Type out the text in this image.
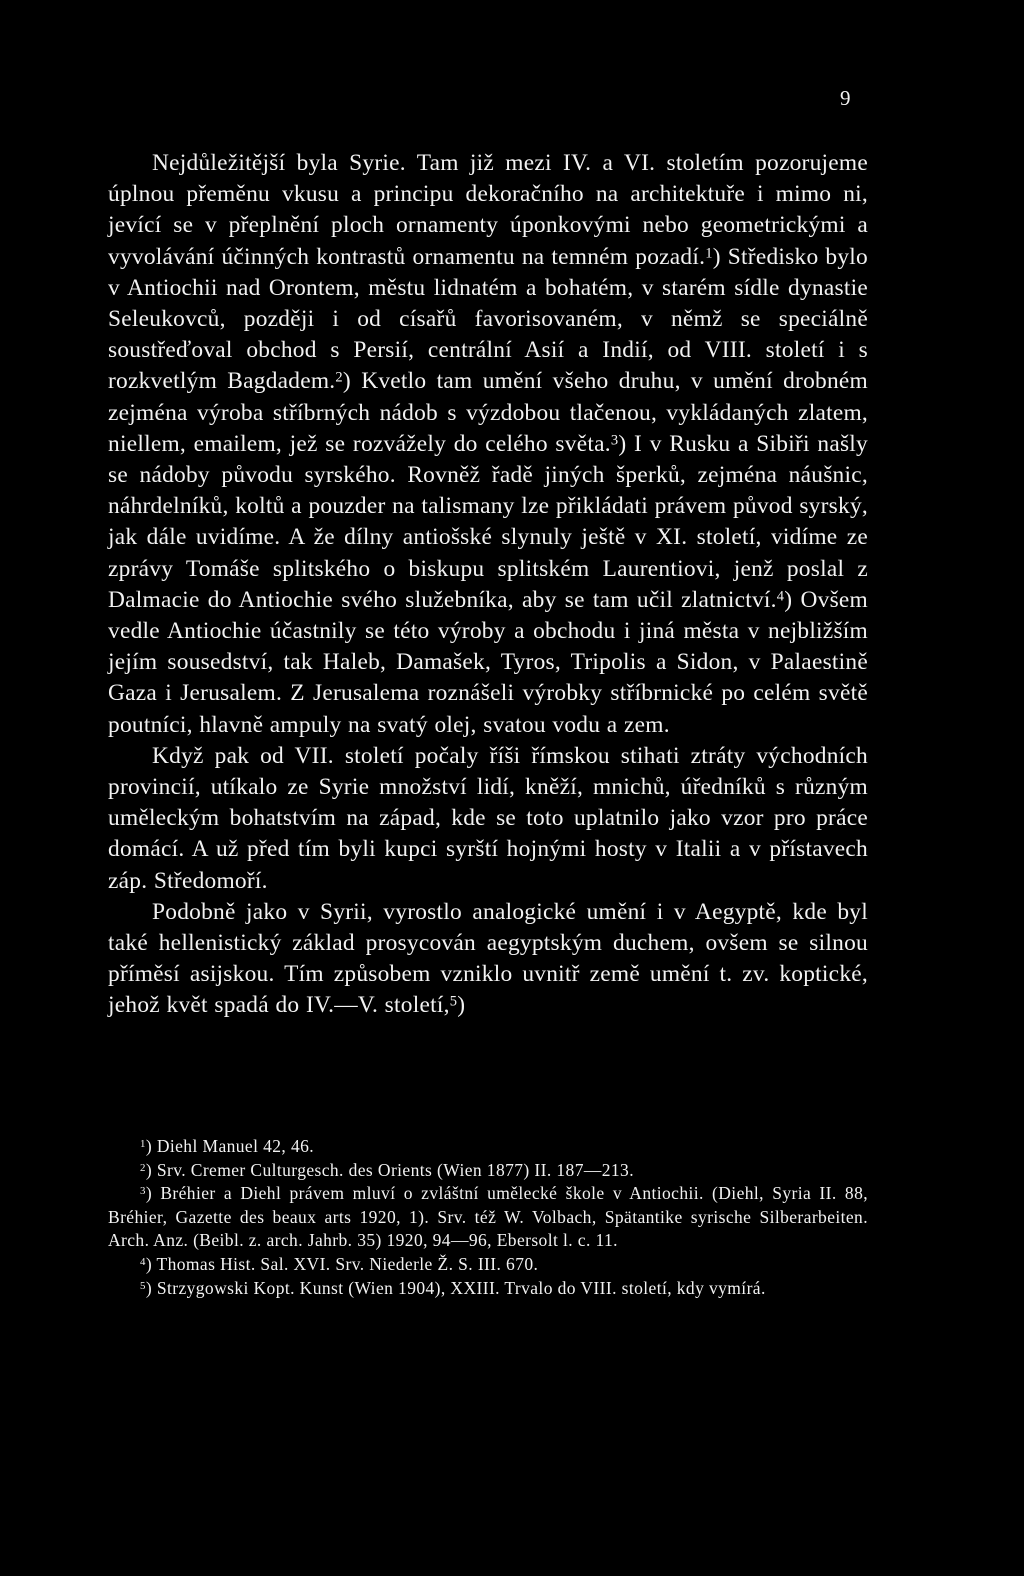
9

Nejdůležitější byla Syrie. Tam již mezi IV. a VI. stoletím pozorujeme úplnou přeměnu vkusu a principu dekoračního na architektuře i mimo ni, jevící se v přeplnění ploch ornamenty úponkovými nebo geometrickými a vyvolávání účinných kontrastů ornamentu na temném pozadí.$^1$) Středisko bylo v Antiochii nad Orontem, městu lidnatém a bohatém, v starém sídle dynastie Seleukovců, později i od císařů favorisovaném, v němž se speciálně soustřeďoval obchod s Persií, centrální Asií a Indií, od VIII. století i s rozkvetlým Bagdadem.$^2$) Kvetlo tam umění všeho druhu, v umění drobném zejména výroba stříbrných nádob s výzdobou tlačenou, vykládaných zlatem, niellem, emailem, jež se rozvážely do celého světa.$^3$) I v Rusku a Sibiři našly se nádoby původu syrského. Rovněž řadě jiných šperků, zejména náušnic, náhrdelníků, koltů a pouzder na talismany lze přikládati právem původ syrský, jak dále uvidíme. A že dílny antiošské slynuly ještě v XI. století, vidíme ze zprávy Tomáše splitského o biskupu splitském Laurentiovi, jenž poslal z Dalmacie do Antiochie svého služebníka, aby se tam učil zlatnictví.$^4$) Ovšem vedle Antiochie účastnily se této výroby a obchodu i jiná města v nejbližším jejím sousedství, tak Haleb, Damašek, Tyros, Tripolis a Sidon, v Palaestině Gaza i Jerusalem. Z Jerusalema roznášeli výrobky stříbrnické po celém světě poutníci, hlavně ampuly na svatý olej, svatou vodu a zem.

Když pak od VII. století počaly říši římskou stihati ztráty východních provincií, utíkalo ze Syrie množství lidí, kněží, mnichů, úředníků s různým uměleckým bohatstvím na západ, kde se toto uplatnilo jako vzor pro práce domácí. A už před tím byli kupci syrští hojnými hosty v Italii a v přístavech záp. Středomoří.

Podobně jako v Syrii, vyrostlo analogické umění i v Aegyptě, kde byl také hellenistický základ prosycován aegyptským duchem, ovšem se silnou příměsí asijskou. Tím způsobem vzniklo uvnitř země umění t. zv. koptické, jehož květ spadá do IV.—V. století,$^5$)

$^1$) Diehl Manuel 42, 46.

$^2$) Srv. Cremer Culturgesch. des Orients (Wien 1877) II. 187—213.

$^3$) Bréhier a Diehl právem mluví o zvláštní umělecké škole v Antiochii. (Diehl, Syria II. 88, Bréhier, Gazette des beaux arts 1920, 1). Srv. též W. Volbach, Spätantike syrische Silberarbeiten. Arch. Anz. (Beibl. z. arch. Jahrb. 35) 1920, 94—96, Ebersolt l. c. 11.

$^4$) Thomas Hist. Sal. XVI. Srv. Niederle Ž. S. III. 670.

$^5$) Strzygowski Kopt. Kunst (Wien 1904), XXIII. Trvalo do VIII. století, kdy vymírá.
